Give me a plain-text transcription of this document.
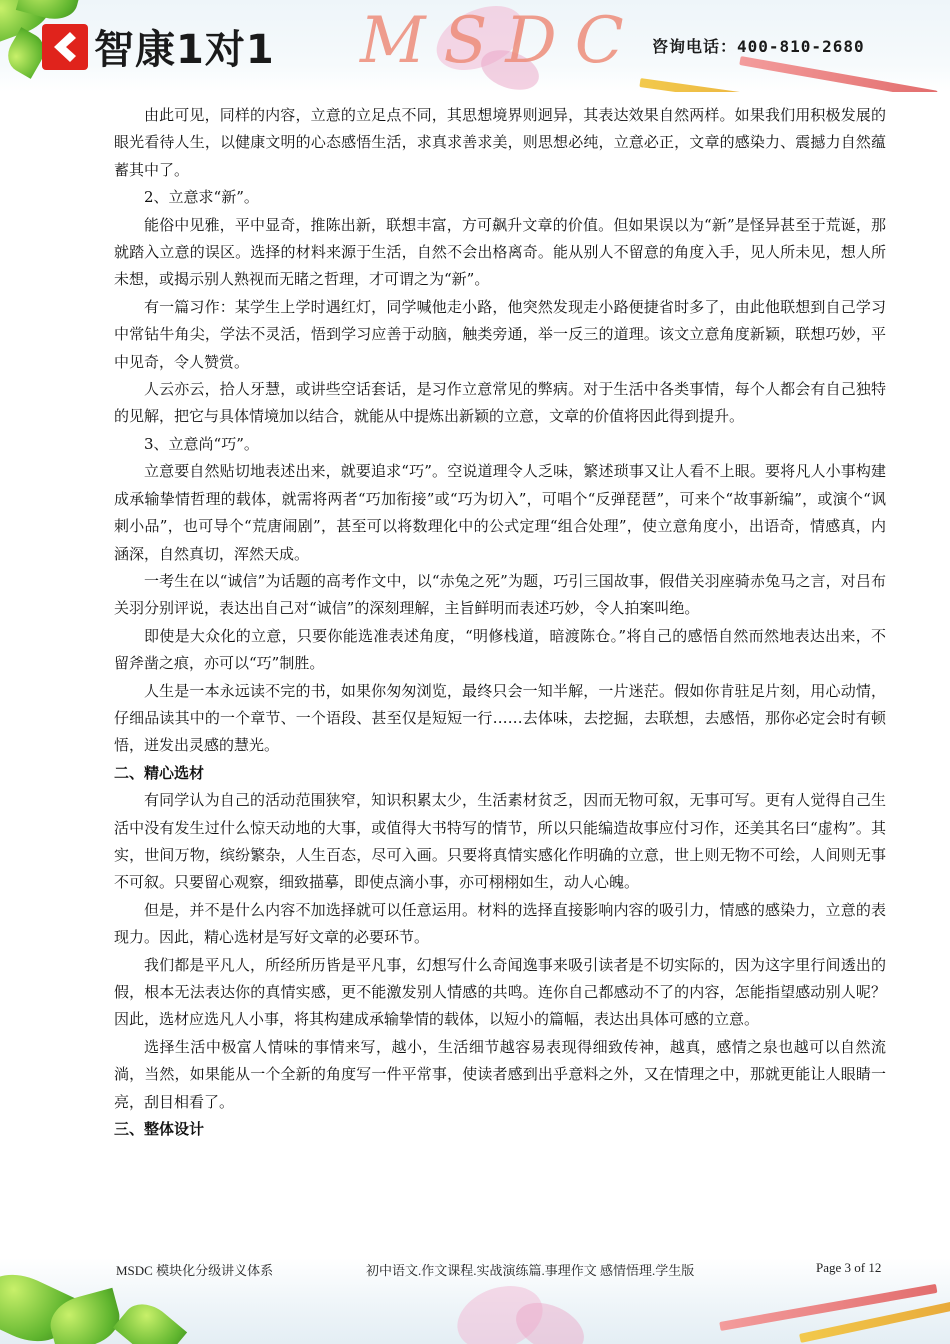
智康1对1 MSDC 咨询电话：400-810-2680

由此可见，同样的内容，立意的立足点不同，其思想境界则迥异，其表达效果自然两样。如果我们用积极发展的眼光看待人生，以健康文明的心态感悟生活，求真求善求美，则思想必纯，立意必正，文章的感染力、震撼力自然蕴蓄其中了。

2、立意求“新”。

能俗中见雅，平中显奇，推陈出新，联想丰富，方可飙升文章的价值。但如果误以为“新”是怪异甚至于荒诞，那就踏入立意的误区。选择的材料来源于生活，自然不会出格离奇。能从别人不留意的角度入手，见人所未见，想人所未想，或揭示别人熟视而无睹之哲理，才可谓之为“新”。

有一篇习作：某学生上学时遇红灯，同学喊他走小路，他突然发现走小路便捷省时多了，由此他联想到自己学习中常钻牛角尖，学法不灵活，悟到学习应善于动脑，触类旁通，举一反三的道理。该文立意角度新颖，联想巧妙，平中见奇，令人赞赏。

人云亦云，拾人牙慧，或讲些空话套话，是习作立意常见的弊病。对于生活中各类事情，每个人都会有自己独特的见解，把它与具体情境加以结合，就能从中提炼出新颖的立意，文章的价值将因此得到提升。

3、立意尚“巧”。

立意要自然贴切地表述出来，就要追求“巧”。空说道理令人乏味，繁述琐事又让人看不上眼。要将凡人小事构建成承输挚情哲理的载体，就需将两者“巧加衔接”或“巧为切入”，可唱个“反弹琵琶”，可来个“故事新编”，或演个“讽刺小品”，也可导个“荒唐闹剧”，甚至可以将数理化中的公式定理“组合处理”，使立意角度小，出语奇，情感真，内涵深，自然真切，浑然天成。

一考生在以“诚信”为话题的高考作文中，以“赤兔之死”为题，巧引三国故事，假借关羽座骑赤兔马之言，对吕布关羽分别评说，表达出自己对“诚信”的深刻理解，主旨鲜明而表述巧妙，令人拍案叫绝。

即使是大众化的立意，只要你能选准表述角度，“明修栈道，暗渡陈仓。”将自己的感悟自然而然地表达出来，不留斧凿之痕，亦可以“巧”制胜。

人生是一本永远读不完的书，如果你匆匆浏览，最终只会一知半解，一片迷茫。假如你肯驻足片刻，用心动情，仔细品读其中的一个章节、一个语段、甚至仅是短短一行……去体味，去挖掘，去联想，去感悟，那你必定会时有顿悟，迸发出灵感的慧光。

二、精心选材

有同学认为自己的活动范围狭窄，知识积累太少，生活素材贫乏，因而无物可叙，无事可写。更有人觉得自己生活中没有发生过什么惊天动地的大事，或值得大书特写的情节，所以只能编造故事应付习作，还美其名曰“虚构”。其实，世间万物，缤纷繁杂，人生百态，尽可入画。只要将真情实感化作明确的立意，世上则无物不可绘，人间则无事不可叙。只要留心观察，细致描摹，即使点滴小事，亦可栩栩如生，动人心魄。

但是，并不是什么内容不加选择就可以任意运用。材料的选择直接影响内容的吸引力，情感的感染力，立意的表现力。因此，精心选材是写好文章的必要环节。

我们都是平凡人，所经所历皆是平凡事，幻想写什么奇闻逸事来吸引读者是不切实际的，因为这字里行间透出的假，根本无法表达你的真情实感，更不能激发别人情感的共鸣。连你自己都感动不了的内容，怎能指望感动别人呢？因此，选材应选凡人小事，将其构建成承输挚情的载体，以短小的篇幅，表达出具体可感的立意。

选择生活中极富人情味的事情来写，越小，生活细节越容易表现得细致传神，越真，感情之泉也越可以自然流淌，当然，如果能从一个全新的角度写一件平常事，使读者感到出乎意料之外，又在情理之中，那就更能让人眼睛一亮，刮目相看了。

三、整体设计

MSDC 模块化分级讲义体系	初中语文.作文课程.实战演练篇.事理作文 感情悟理.学生版	Page 3 of 12
